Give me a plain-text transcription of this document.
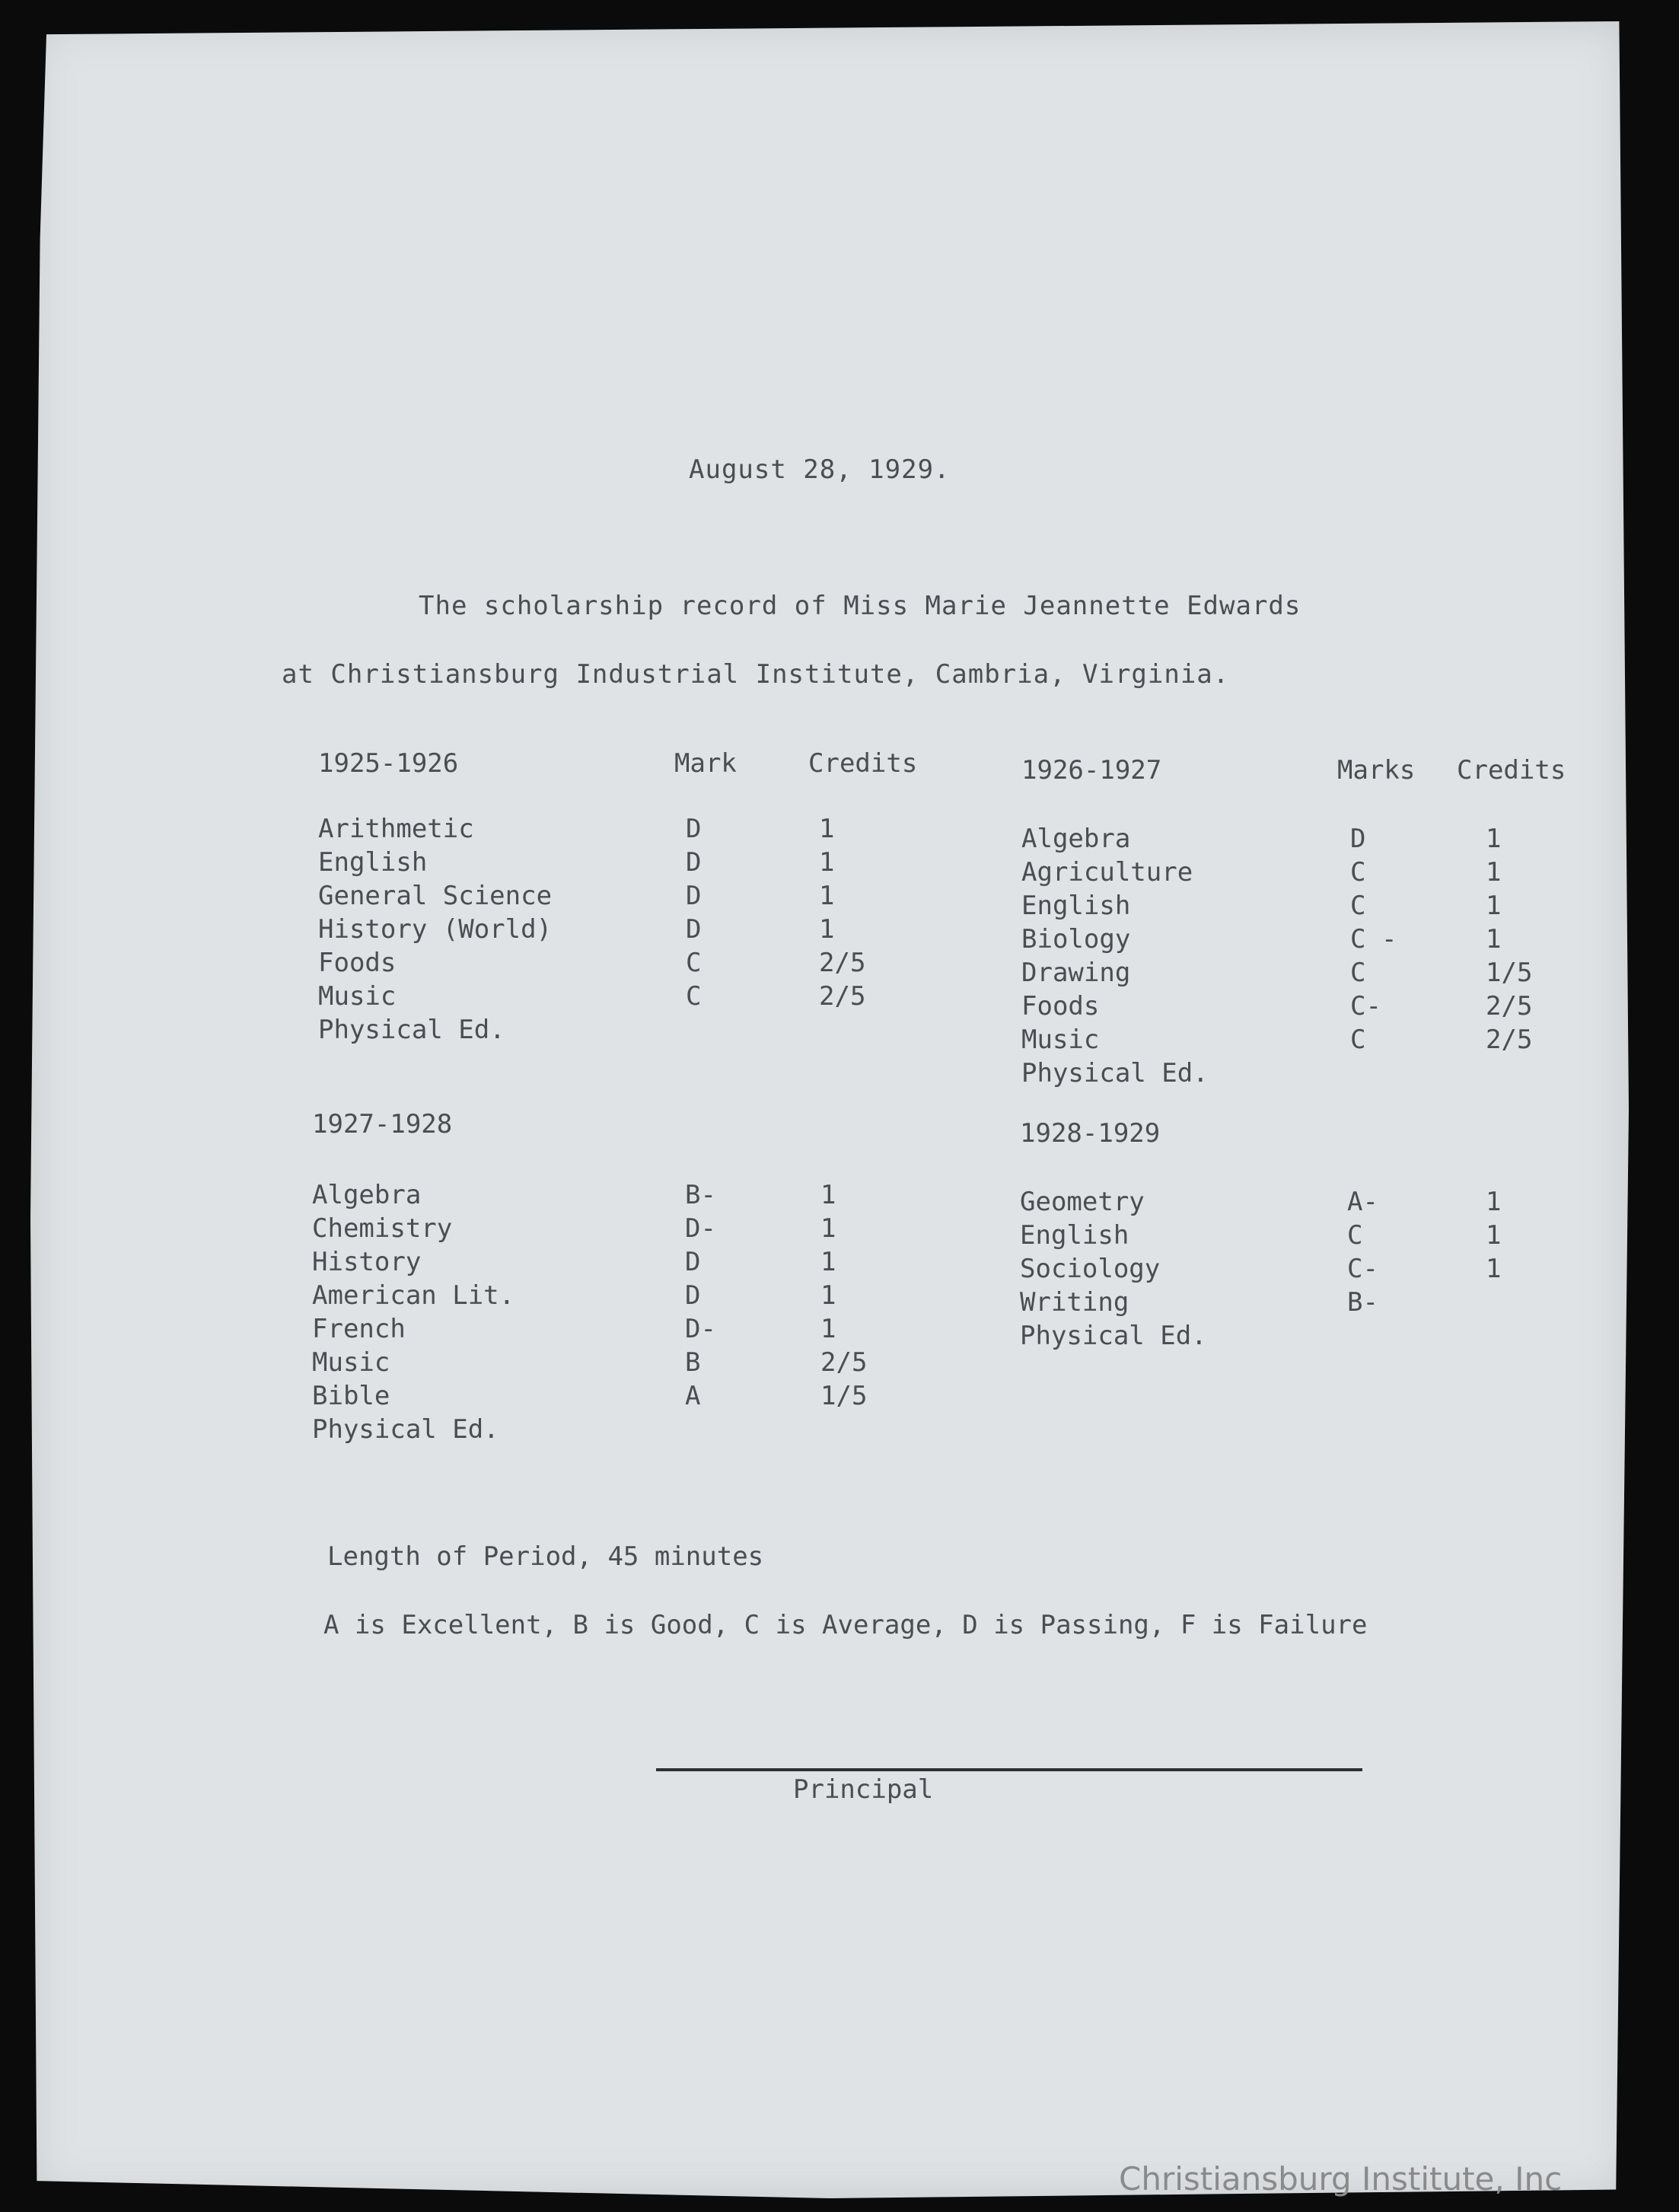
August 28, 1929.
The scholarship record of Miss Marie Jeannette Edwards
at Christiansburg Industrial Institute, Cambria, Virginia.
1925-1926	Mark	Credits
Arithmetic	D	1
English	D	1
General Science	D	1
History (World)	D	1
Foods	C	2/5
Music	C	2/5
Physical Ed.
1926-1927	Marks Credits
Algebra	D	1
Agriculture	C	1
English	C	1
Biology	C -	1
Drawing	C	1/5
Foods	C-	2/5
Music	C	2/5
Physical Ed.
1927-1928
Algebra	B-	1
Chemistry	D-	1
History	D	1
American Lit.	D	1
French	D-	1
Music	B	2/5
Bible	A	1/5
Physical Ed.
1928-1929
Geometry	A-	1
English	C	1
Sociology	C-	1
Writing	B-
Physical Ed.
Length of Period, 45 minutes
A is Excellent, B is Good, C is Average, D is Passing, F is Failure
Principal
Christiansburg Institute, Inc
